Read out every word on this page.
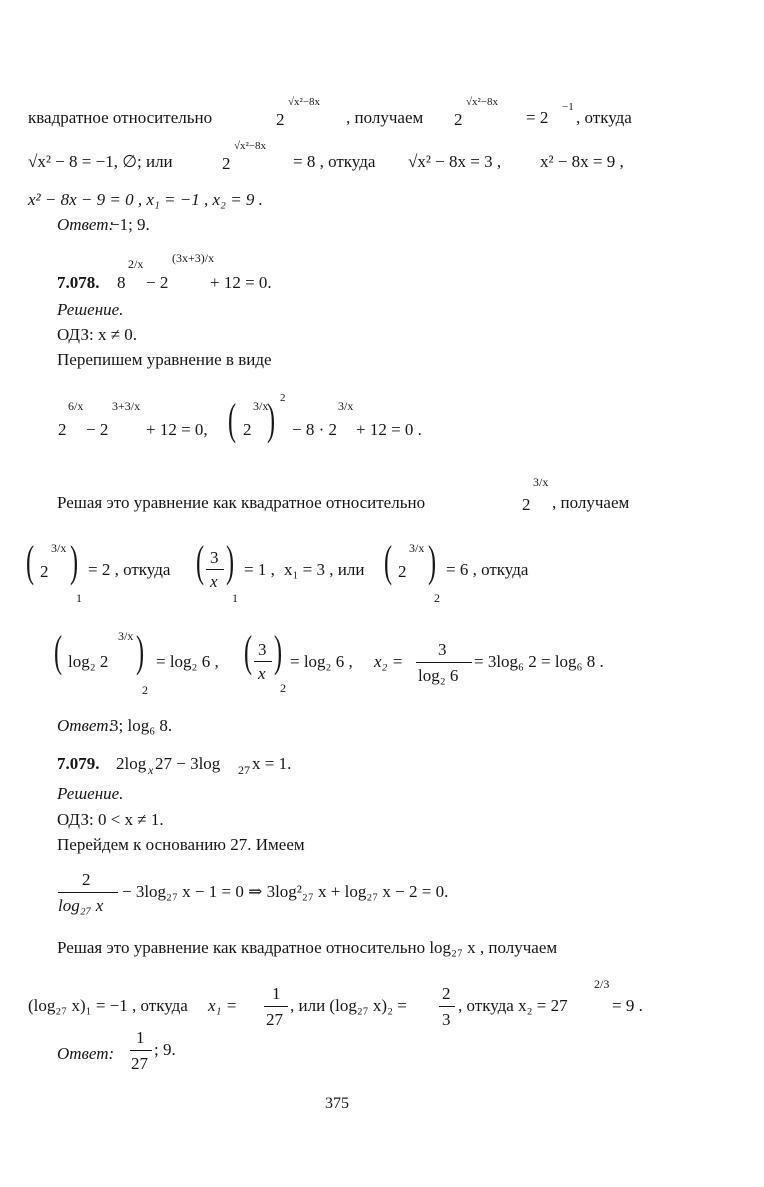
квадратное относительно	2
√x²−8x
, получаем 2
√x²−8x
= 2
−1
, откуда
√x² − 8 = −1, ∅; или	2
√x²−8x
= 8 , откуда √x² − 8x = 3 , x² − 8x = 9 ,
x² − 8x − 9 = 0 , x₁ = −1 , x₂ = 9 .
Ответ:
−1; 9.
7.078. 8
2/x
− 2
(3x+3)/x
+ 12 = 0.
Решение.
ОДЗ: x ≠ 0.
Перепишем уравнение в виде
2
6/x
− 2
3+3/x
+ 12 = 0, ( 2
3/x
) 2
− 8 · 2
3/x
+ 12 = 0 .
Решая это уравнение как квадратное относительно	2
3/x
, получаем
( 2
3/x )
1
= 2 , откуда ( 3
x )
1
= 1 , x₁ = 3 , или ( 2
3/x )
2
= 6 , откуда
( log₂ 2
3/x )
2
= log₂ 6 , ( 3
x )
2
= log₂ 6 , x₂ =
3
log₂ 6
= 3log₆ 2 = log₆ 8 .
Ответ:
3; log₆ 8.
7.079. 2log x 27 − 3log 27 x = 1.
Решение.
ОДЗ: 0 < x ≠ 1.
Перейдем к основанию 27. Имеем
2
log₂₇ x
− 3log₂₇ x − 1 = 0 ⇒ 3log²₂₇ x + log₂₇ x − 2 = 0.
Решая это уравнение как квадратное относительно log₂₇ x , получаем
(log₂₇ x)₁ = −1 , откуда x₁ =
1
27
, или (log₂₇ x)₂ =
2
3
, откуда x₂ = 27
2/3
= 9 .
Ответ:
1
27
; 9.
375
